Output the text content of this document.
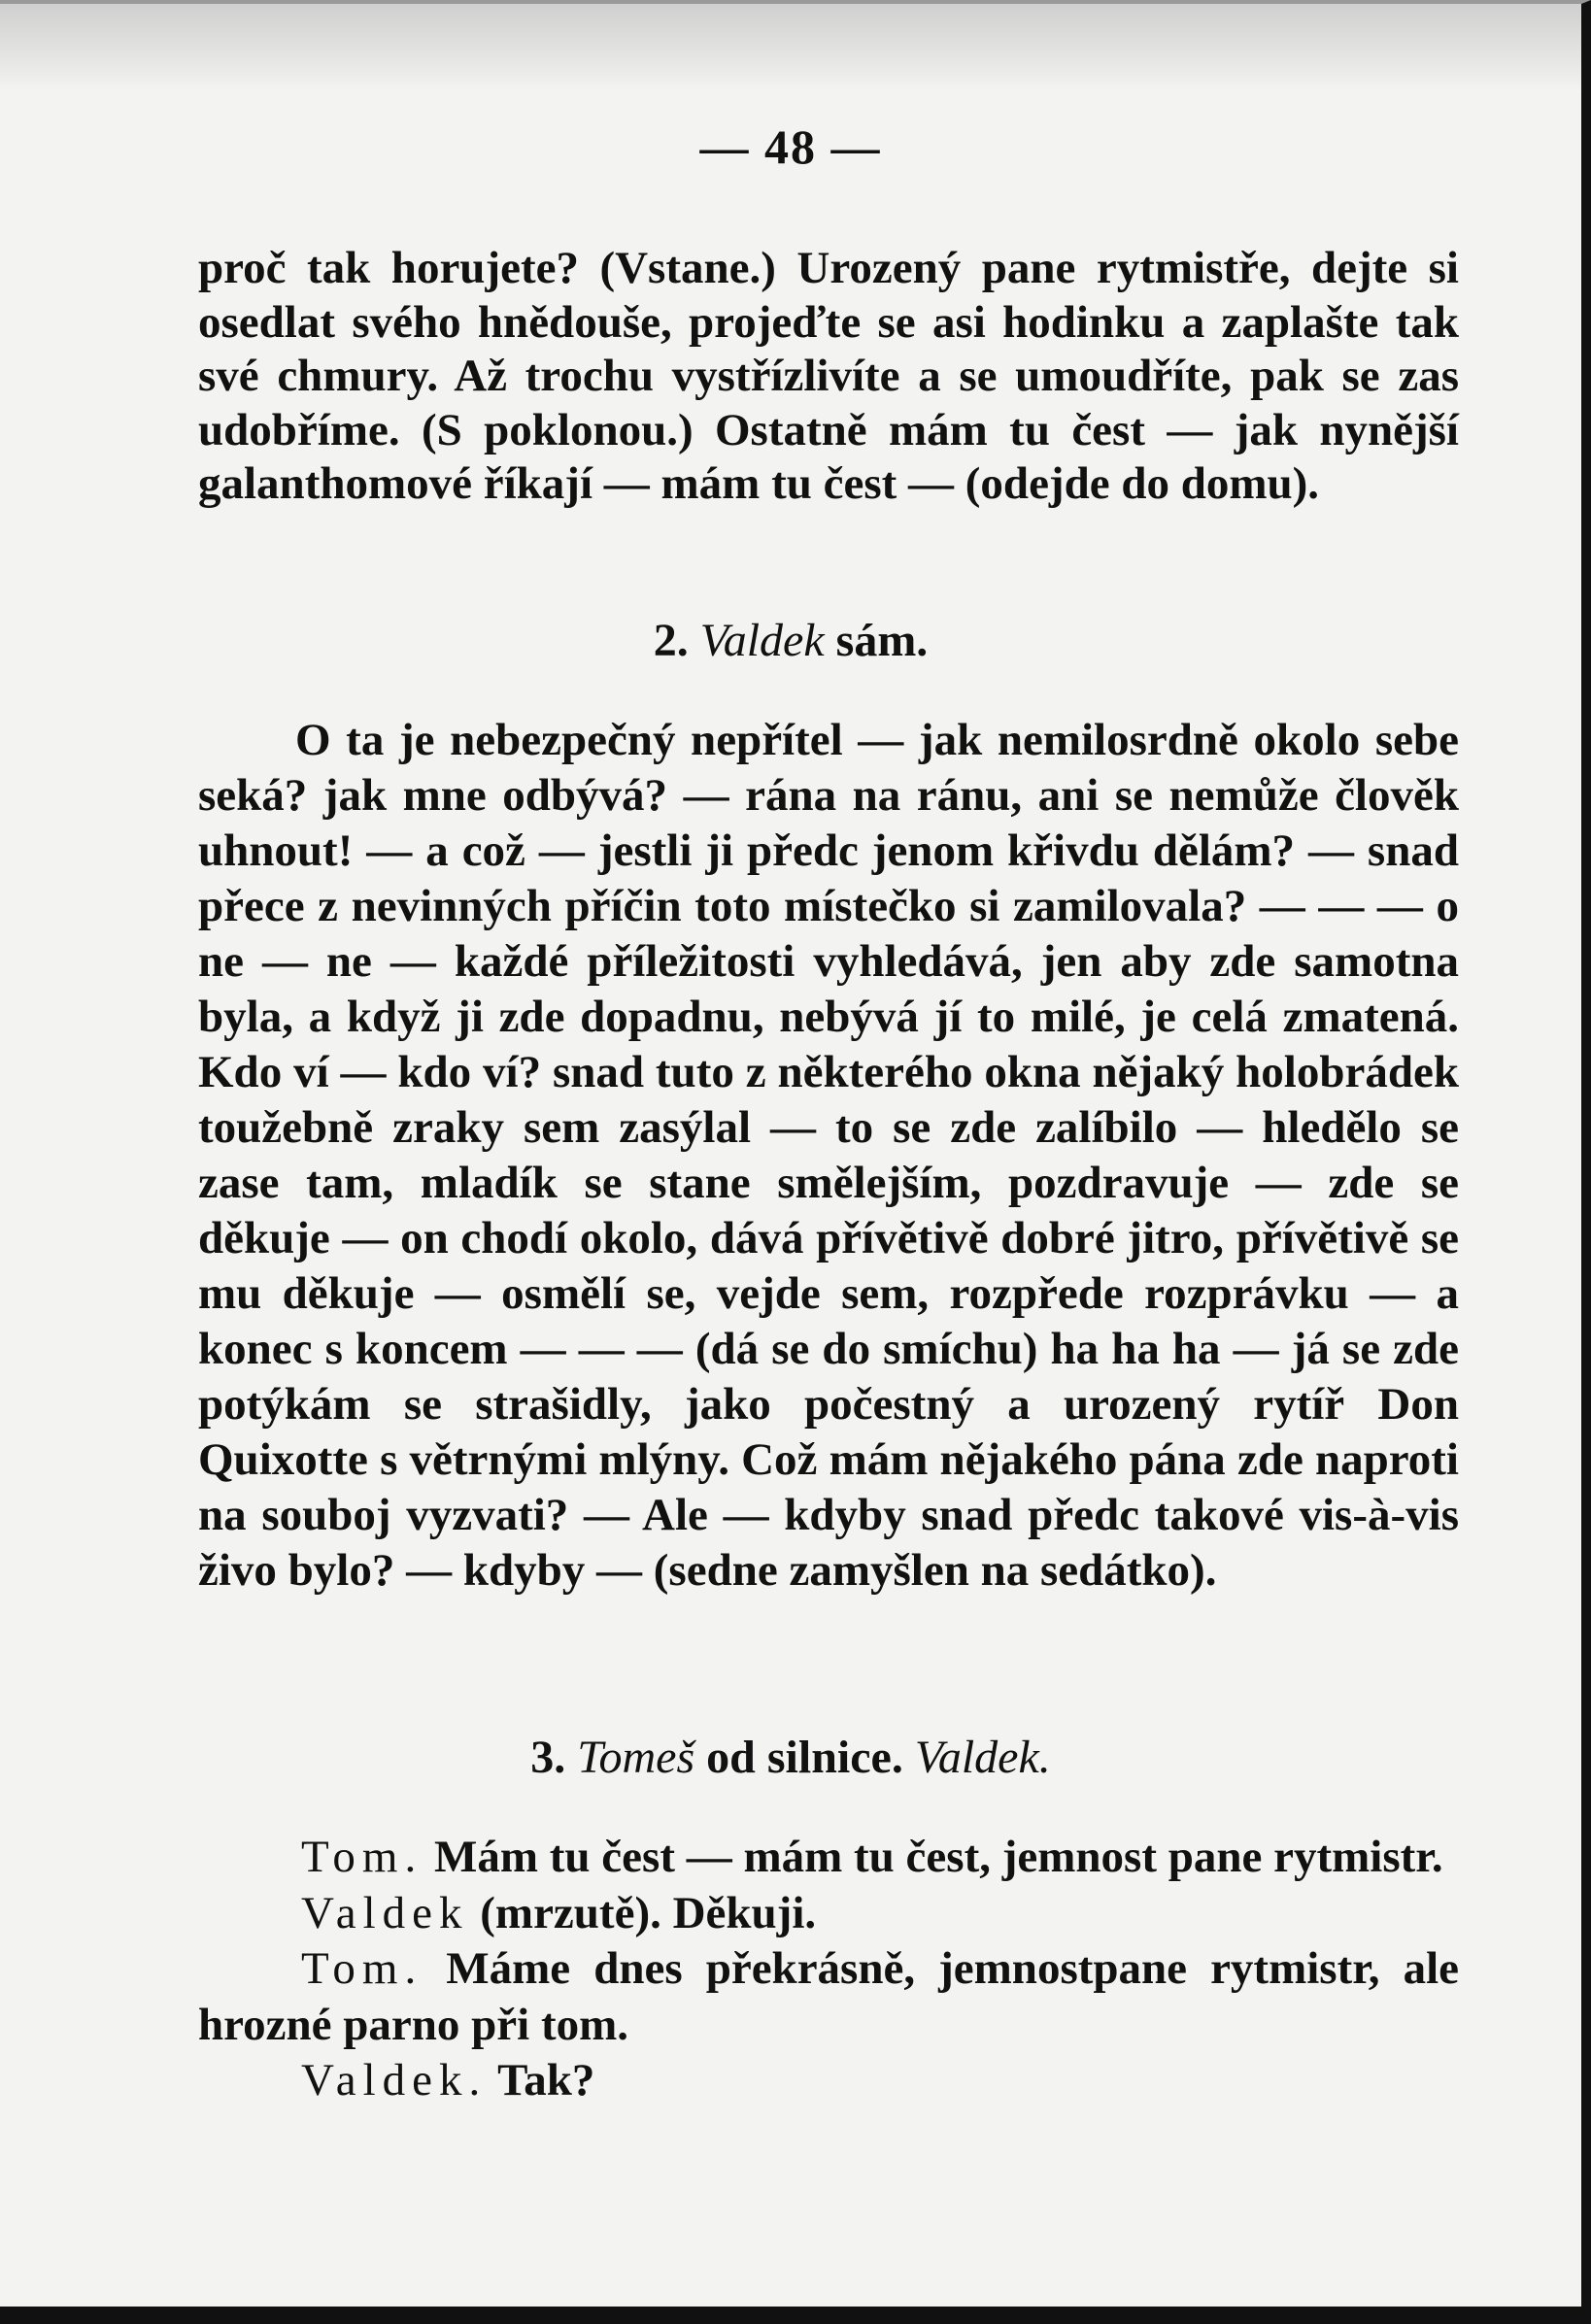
— 48 —

proč tak horujete? (Vstane.) Urozený pane rytmistře, dejte si osedlat svého hnědouše, projeďte se asi hodinku a zaplašte tak své chmury. Až trochu vystřízlivíte a se umoudříte, pak se zas udobříme. (S poklonou.) Ostatně mám tu čest — jak nynější galanthomové říkají — mám tu čest — (odejde do domu).

2. Valdek sám.

O ta je nebezpečný nepřítel — jak nemilosrdně okolo sebe seká? jak mne odbývá? — rána na ránu, ani se nemůže člověk uhnout! — a což — jestli ji předc jenom křivdu dělám? — snad přece z nevinných příčin toto místečko si zamilovala? — — — o ne — ne — každé příležitosti vyhledává, jen aby zde samotna byla, a když ji zde dopadnu, nebývá jí to milé, je celá zmatená. Kdo ví — kdo ví? snad tuto z některého okna nějaký holobrádek toužebně zraky sem zasýlal — to se zde zalíbilo — hledělo se zase tam, mladík se stane smělejším, pozdravuje — zde se děkuje — on chodí okolo, dává přívětivě dobré jitro, přívětivě se mu děkuje — osmělí se, vejde sem, rozpřede rozprávku — a konec s koncem — — — (dá se do smíchu) ha ha ha — já se zde potýkám se strašidly, jako počestný a urozený rytíř Don Quixotte s větrnými mlýny. Což mám nějakého pána zde naproti na souboj vyzvati? — Ale — kdyby snad předc takové vis-à-vis živo bylo? — kdyby — (sedne zamyšlen na sedátko).

3. Tomeš od silnice. Valdek.

Tom. Mám tu čest — mám tu čest, jemnost pane rytmistr.

Valdek (mrzutě). Děkuji.

Tom. Máme dnes překrásně, jemnostpane rytmistr, ale hrozné parno při tom.

Valdek. Tak?
